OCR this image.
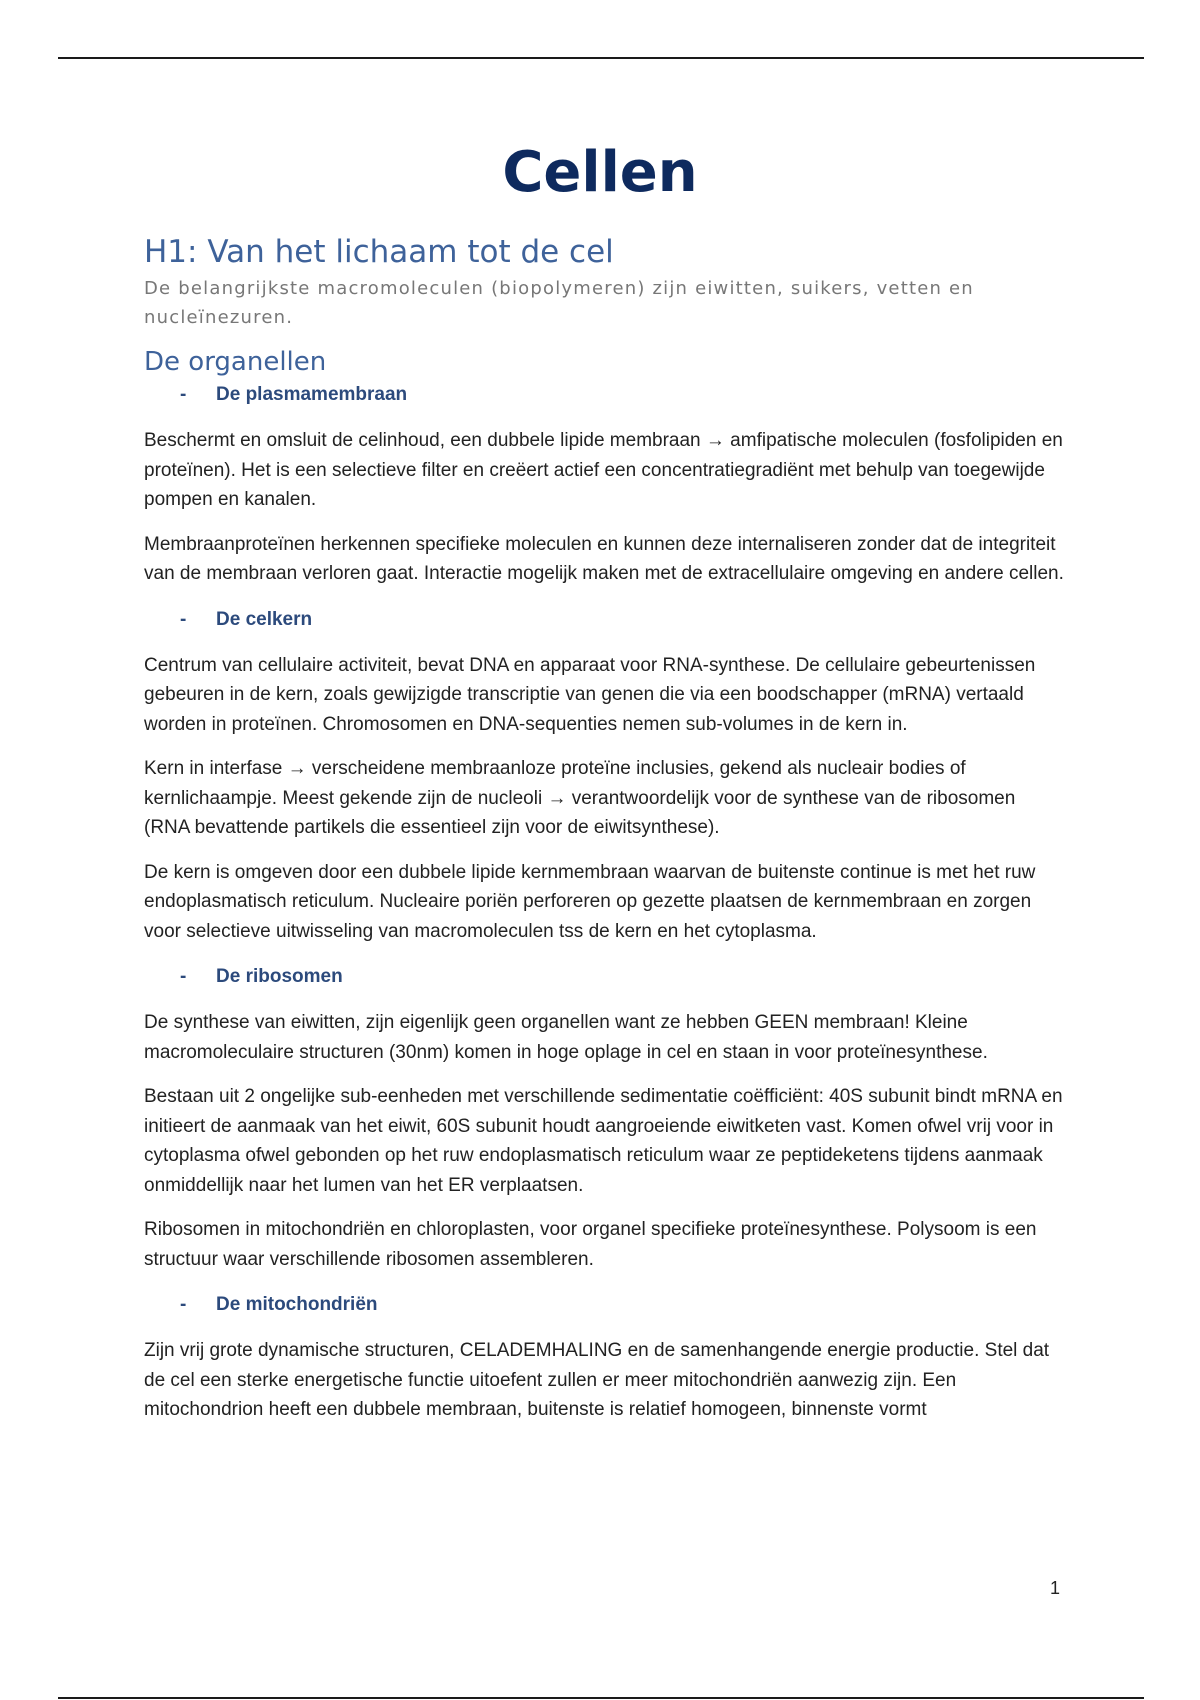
Cellen
H1: Van het lichaam tot de cel

De belangrijkste macromoleculen (biopolymeren) zijn eiwitten, suikers, vetten en nucleïnezuren.

De organellen
- De plasmamembraan

Beschermt en omsluit de celinhoud, een dubbele lipide membraan → amfipatische moleculen (fosfolipiden en proteïnen). Het is een selectieve filter en creëert actief een concentratiegradiënt met behulp van toegewijde pompen en kanalen.

Membraanproteïnen herkennen specifieke moleculen en kunnen deze internaliseren zonder dat de integriteit van de membraan verloren gaat. Interactie mogelijk maken met de extracellulaire omgeving en andere cellen.

- De celkern

Centrum van cellulaire activiteit, bevat DNA en apparaat voor RNA-synthese. De cellulaire gebeurtenissen gebeuren in de kern, zoals gewijzigde transcriptie van genen die via een boodschapper (mRNA) vertaald worden in proteïnen. Chromosomen en DNA-sequenties nemen sub-volumes in de kern in.

Kern in interfase → verscheidene membraanloze proteïne inclusies, gekend als nucleair bodies of kernlichaampje. Meest gekende zijn de nucleoli → verantwoordelijk voor de synthese van de ribosomen (RNA bevattende partikels die essentieel zijn voor de eiwitsynthese).

De kern is omgeven door een dubbele lipide kernmembraan waarvan de buitenste continue is met het ruw endoplasmatisch reticulum. Nucleaire poriën perforeren op gezette plaatsen de kernmembraan en zorgen voor selectieve uitwisseling van macromoleculen tss de kern en het cytoplasma.

- De ribosomen

De synthese van eiwitten, zijn eigenlijk geen organellen want ze hebben GEEN membraan! Kleine macromoleculaire structuren (30nm) komen in hoge oplage in cel en staan in voor proteïnesynthese.

Bestaan uit 2 ongelijke sub-eenheden met verschillende sedimentatie coëfficiënt: 40S subunit bindt mRNA en initieert de aanmaak van het eiwit, 60S subunit houdt aangroeiende eiwitketen vast. Komen ofwel vrij voor in cytoplasma ofwel gebonden op het ruw endoplasmatisch reticulum waar ze peptideketens tijdens aanmaak onmiddellijk naar het lumen van het ER verplaatsen.

Ribosomen in mitochondriën en chloroplasten, voor organel specifieke proteïnesynthese. Polysoom is een structuur waar verschillende ribosomen assembleren.

- De mitochondriën

Zijn vrij grote dynamische structuren, CELADEMHALING en de samenhangende energie productie. Stel dat de cel een sterke energetische functie uitoefent zullen er meer mitochondriën aanwezig zijn. Een mitochondrion heeft een dubbele membraan, buitenste is relatief homogeen, binnenste vormt

1
